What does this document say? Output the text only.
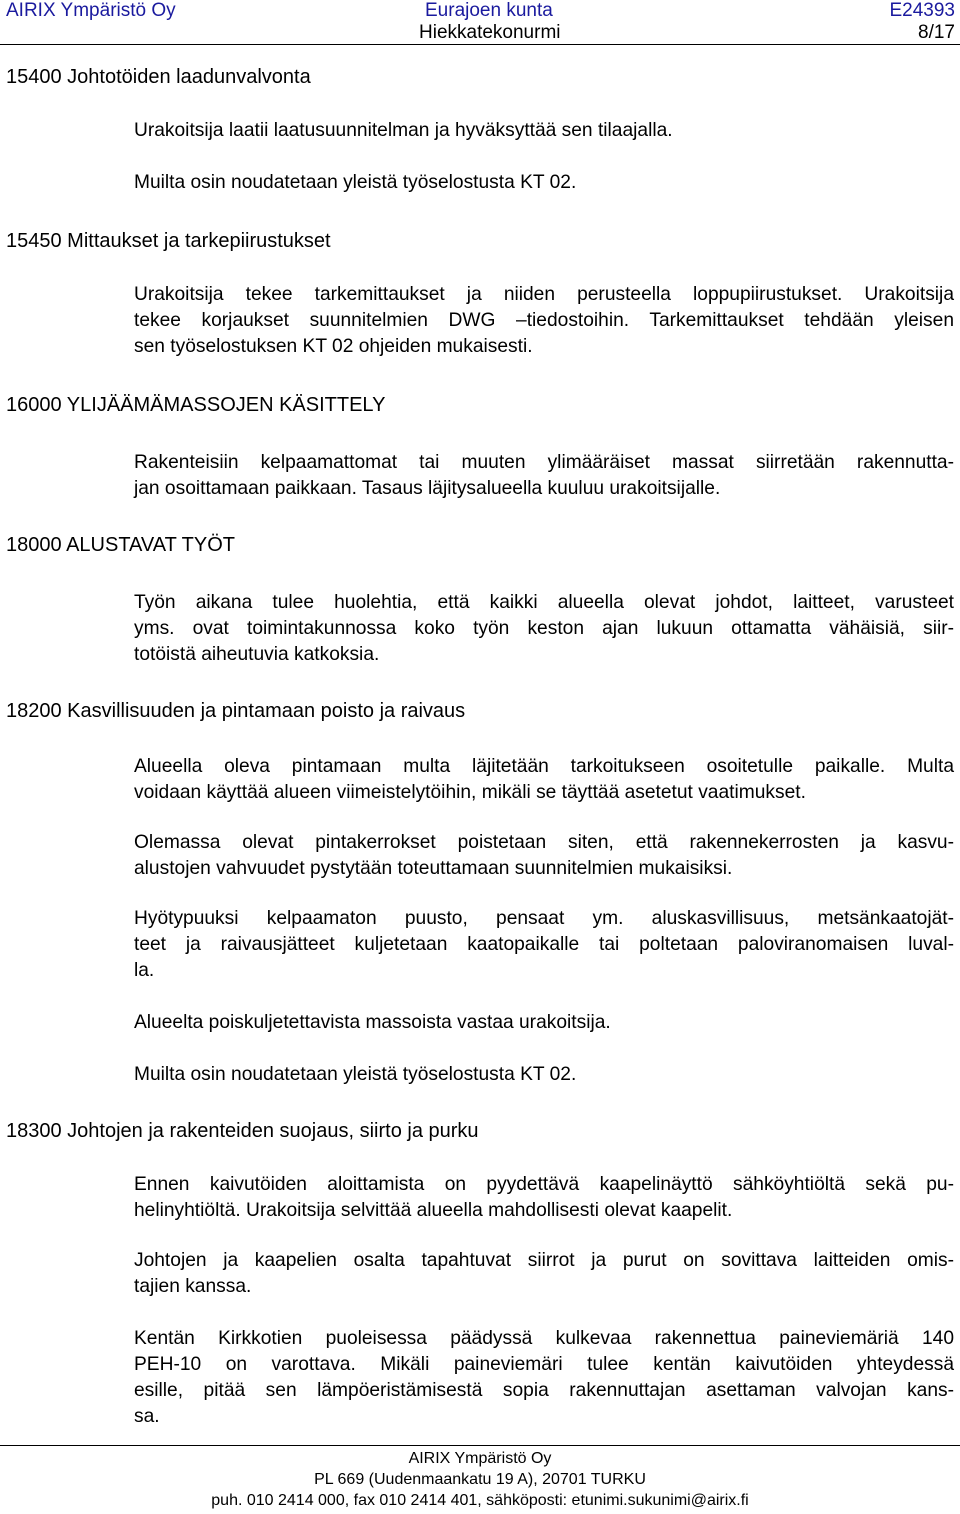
AIRIX Ympäristö Oy	Eurajoen kunta
Hiekkatekonurmi
E24393
8/17
15400 Johtotöiden laadunvalvonta

Urakoitsija laatii laatusuunnitelman ja hyväksyttää sen tilaajalla.

Muilta osin noudatetaan yleistä työselostusta KT 02.

15450 Mittaukset ja tarkepiirustukset

Urakoitsija tekee tarkemittaukset ja niiden perusteella loppupiirustukset. Urakoitsija
tekee korjaukset suunnitelmien DWG –tiedostoihin. Tarkemittaukset tehdään yleisen
sen työselostuksen KT 02 ohjeiden mukaisesti.

16000 YLIJÄÄMÄMASSOJEN KÄSITTELY

Rakenteisiin kelpaamattomat tai muuten ylimääräiset massat siirretään rakennutta-
jan osoittamaan paikkaan. Tasaus läjitysalueella kuuluu urakoitsijalle.

18000 ALUSTAVAT TYÖT

Työn aikana tulee huolehtia, että kaikki alueella olevat johdot, laitteet, varusteet
yms. ovat toimintakunnossa koko työn keston ajan lukuun ottamatta vähäisiä, siir-
totöistä aiheutuvia katkoksia.

18200 Kasvillisuuden ja pintamaan poisto ja raivaus

Alueella oleva pintamaan multa läjitetään tarkoitukseen osoitetulle paikalle. Multa
voidaan käyttää alueen viimeistelytöihin, mikäli se täyttää asetetut vaatimukset.

Olemassa olevat pintakerrokset poistetaan siten, että rakennekerrosten ja kasvu-
alustojen vahvuudet pystytään toteuttamaan suunnitelmien mukaisiksi.

Hyötypuuksi kelpaamaton puusto, pensaat ym. aluskasvillisuus, metsänkaatojät-
teet ja raivausjätteet kuljetetaan kaatopaikalle tai poltetaan paloviranomaisen luval-
la.

Alueelta poiskuljetettavista massoista vastaa urakoitsija.

Muilta osin noudatetaan yleistä työselostusta KT 02.

18300 Johtojen ja rakenteiden suojaus, siirto ja purku

Ennen kaivutöiden aloittamista on pyydettävä kaapelinäyttö sähköyhtiöltä sekä pu-
helinyhtiöltä. Urakoitsija selvittää alueella mahdollisesti olevat kaapelit.

Johtojen ja kaapelien osalta tapahtuvat siirrot ja purut on sovittava laitteiden omis-
tajien kanssa.

Kentän Kirkkotien puoleisessa päädyssä kulkevaa rakennettua paineviemäriä 140
PEH-10 on varottava. Mikäli paineviemäri tulee kentän kaivutöiden yhteydessä
esille, pitää sen lämpöeristämisestä sopia rakennuttajan asettaman valvojan kans-
sa.

AIRIX Ympäristö Oy
PL 669 (Uudenmaankatu 19 A), 20701 TURKU
puh. 010 2414 000, fax 010 2414 401, sähköposti: etunimi.sukunimi@airix.fi
